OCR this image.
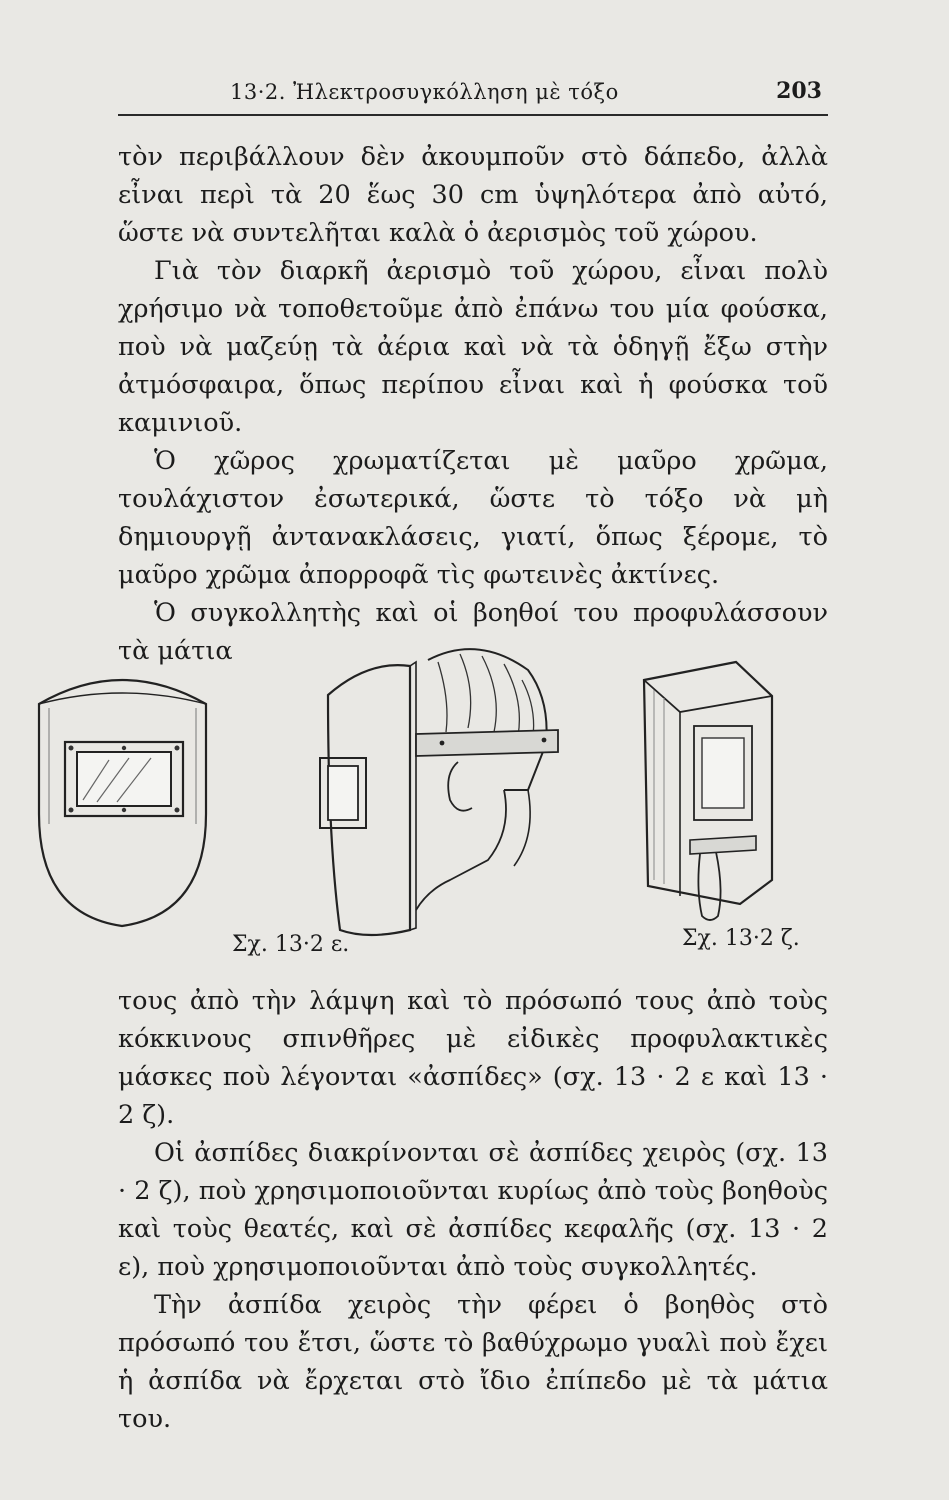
13·2. Ἠλεκτροσυγκόλληση μὲ τόξο	203

τὸν περιβάλλουν δὲν ἀκουμποῦν στὸ δάπεδο, ἀλλὰ εἶναι περὶ τὰ 20 ἕως 30 cm ὑψηλότερα ἀπὸ αὐτό, ὥστε νὰ συντελῆται καλὰ ὁ ἀερισμὸς τοῦ χώρου.

Γιὰ τὸν διαρκῆ ἀερισμὸ τοῦ χώρου, εἶναι πολὺ χρήσιμο νὰ τοποθετοῦμε ἀπὸ ἐπάνω του μία φούσκα, ποὺ νὰ μαζεύῃ τὰ ἀέρια καὶ νὰ τὰ ὁδηγῇ ἔξω στὴν ἀτμόσφαιρα, ὅπως περίπου εἶναι καὶ ἡ φούσκα τοῦ καμινιοῦ.

Ὁ χῶρος χρωματίζεται μὲ μαῦρο χρῶμα, τουλάχιστον ἐσωτερικά, ὥστε τὸ τόξο νὰ μὴ δημιουργῇ ἀντανακλάσεις, γιατί, ὅπως ξέρομε, τὸ μαῦρο χρῶμα ἀπορροφᾶ τὶς φωτεινὲς ἀκτίνες.

Ὁ συγκολλητὴς καὶ οἱ βοηθοί του προφυλάσσουν τὰ μάτια

Σχ. 13·2 ε.	Σχ. 13·2 ζ.

τους ἀπὸ τὴν λάμψη καὶ τὸ πρόσωπό τους ἀπὸ τοὺς κόκκινους σπινθῆρες μὲ εἰδικὲς προφυλακτικὲς μάσκες ποὺ λέγονται «ἀσπίδες» (σχ. 13 · 2 ε καὶ 13 · 2 ζ).

Οἱ ἀσπίδες διακρίνονται σὲ ἀσπίδες χειρὸς (σχ. 13 · 2 ζ), ποὺ χρησιμοποιοῦνται κυρίως ἀπὸ τοὺς βοηθοὺς καὶ τοὺς θεατές, καὶ σὲ ἀσπίδες κεφαλῆς (σχ. 13 · 2 ε), ποὺ χρησιμοποιοῦνται ἀπὸ τοὺς συγκολλητές.

Τὴν ἀσπίδα χειρὸς τὴν φέρει ὁ βοηθὸς στὸ πρόσωπό του ἔτσι, ὥστε τὸ βαθύχρωμο γυαλὶ ποὺ ἔχει ἡ ἀσπίδα νὰ ἔρχεται στὸ ἴδιο ἐπίπεδο μὲ τὰ μάτια του.
